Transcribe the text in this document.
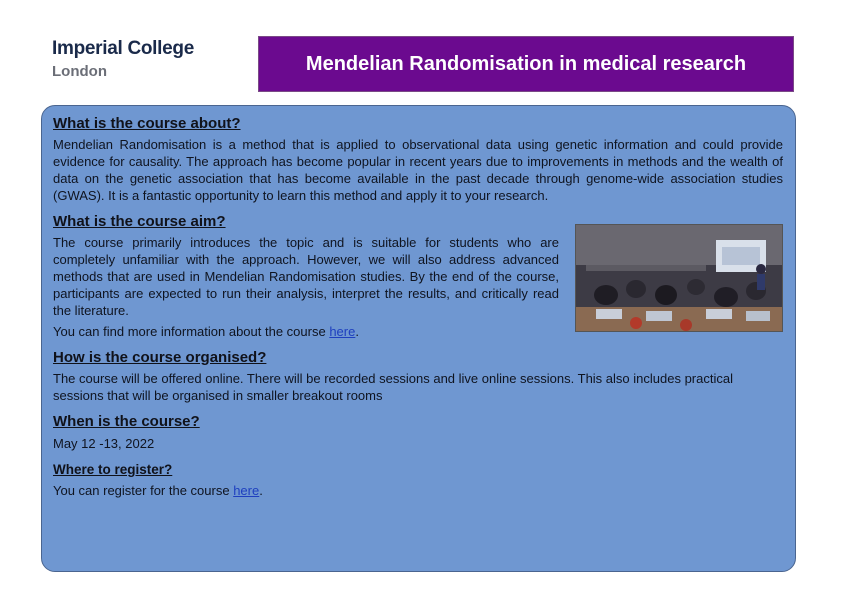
Imperial College
London	Mendelian Randomisation in medical research
What is the course about?
Mendelian Randomisation is a method that is applied to observational data using genetic information and could provide evidence for causality. The approach has become popular in recent years due to improvements in methods and the wealth of data on the genetic association that has become available in the past decade through genome-wide association studies (GWAS). It is a fantastic opportunity to learn this method and apply it to your research.
What is the course aim?
The course primarily introduces the topic and is suitable for students who are completely unfamiliar with the approach. However, we will also address advanced methods that are used in Mendelian Randomisation studies. By the end of the course, participants are expected to run their analysis, interpret the results, and critically read the literature.
You can find more information about the course here.
How is the course organised?
The course will be offered online. There will be recorded sessions and live online sessions. This also includes practical sessions that will be organised in smaller breakout rooms
When is the course?
May 12 -13, 2022
Where to register?
You can register for the course here.
